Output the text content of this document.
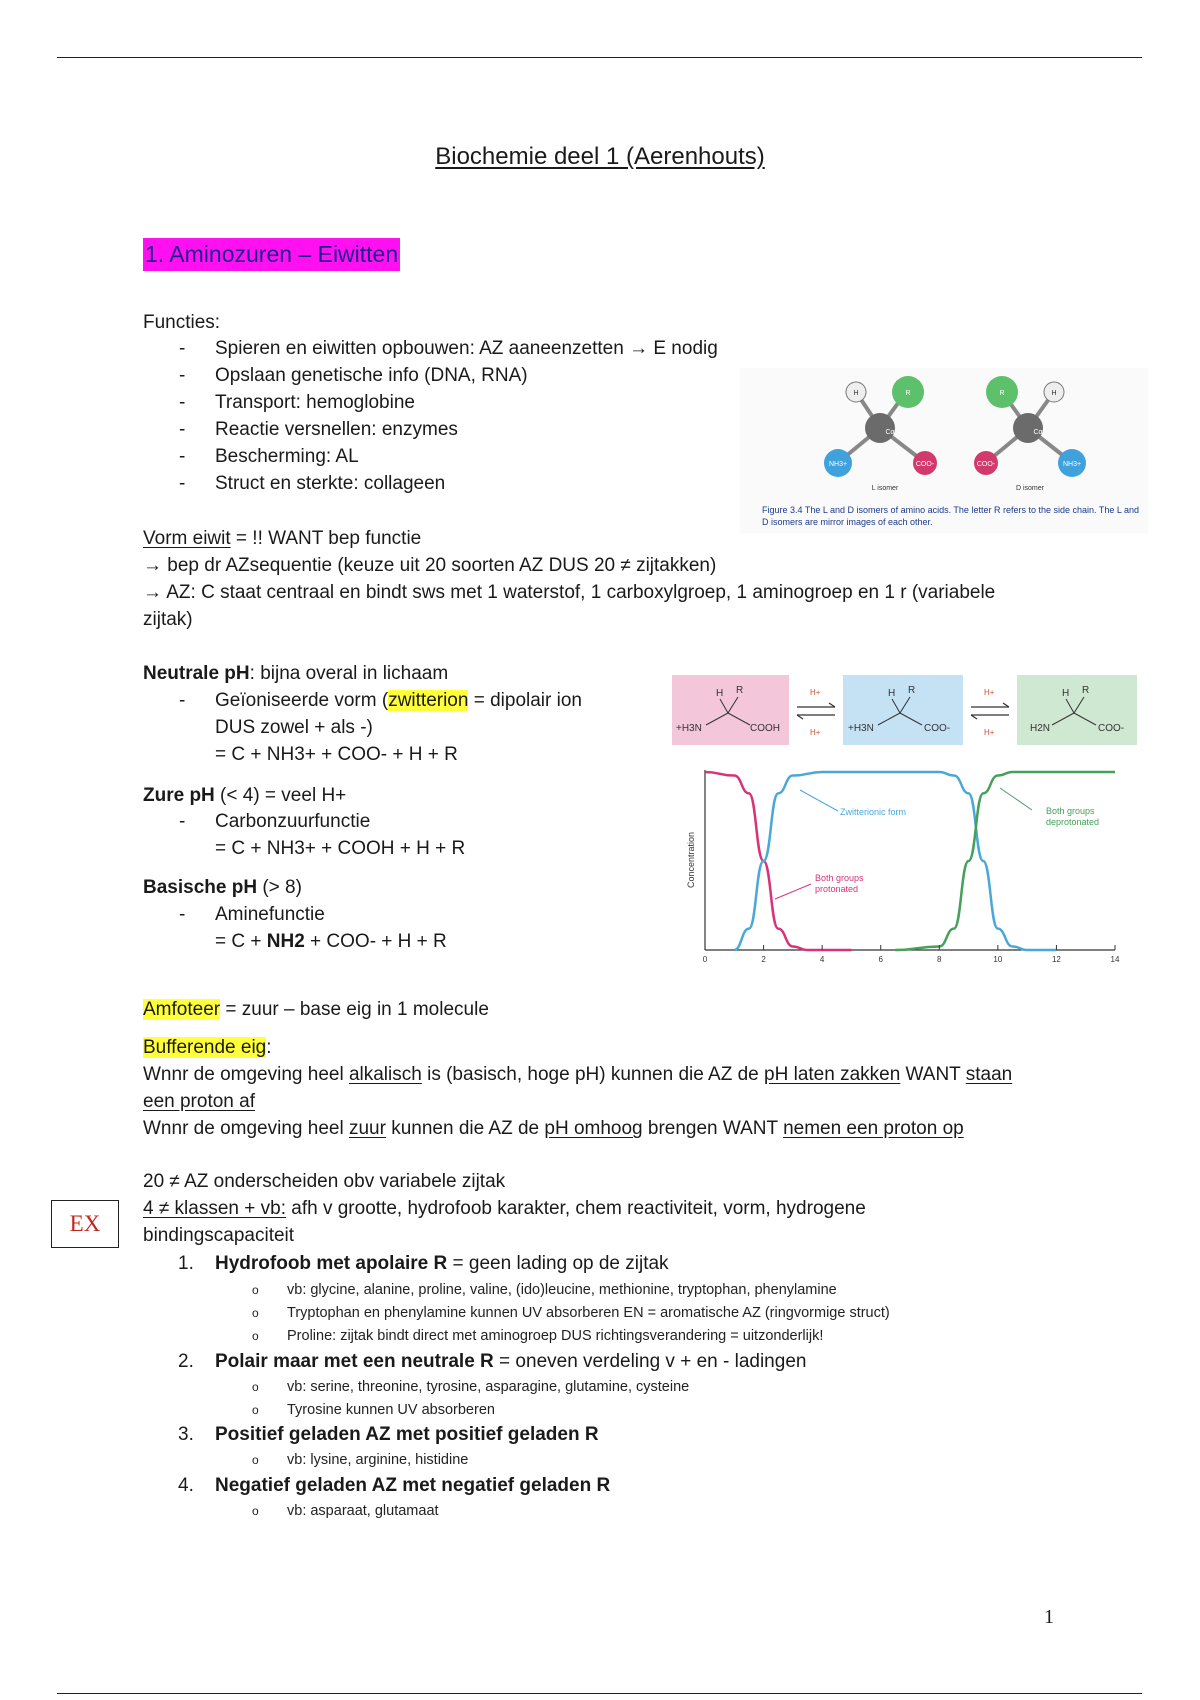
Biochemie deel 1 (Aerenhouts)
1. Aminozuren – Eiwitten
Functies:
- Spieren en eiwitten opbouwen: AZ aaneenzetten → E nodig
- Opslaan genetische info (DNA, RNA)
- Transport: hemoglobine
- Reactie versnellen: enzymes
- Bescherming: AL
- Struct en sterkte: collageen
H	R
NH3+	COO-
Cα
H
R
NH3+
COO-
Cα
L isomer	D isomer
Figure 3.4 The L and D isomers of amino acids. The letter R refers to the side chain. The L and
D isomers are mirror images of each other.
Vorm eiwit = !! WANT bep functie
→ bep dr AZsequentie (keuze uit 20 soorten AZ DUS 20 ≠ zijtakken)
→ AZ: C staat centraal en bindt sws met 1 waterstof, 1 carboxylgroep, 1 aminogroep en 1 r (variabele
zijtak)
Neutrale pH: bijna overal in lichaam
- Geïoniseerde vorm (zwitterion = dipolair ion
DUS zowel + als -)
= C + NH3+ + COO- + H + R
Zure pH (< 4) = veel H+
- Carbonzuurfunctie
= C + NH3+ + COOH + H + R
Basische pH (> 8)
- Aminefunctie
= C + NH2 + COO- + H + R
H R	H R	H R
+H3N	COOH	+H3N	COO-	H2N	COO-
H+
H+
H+
H+
Concentration
0	2	4	6	8	10	12	14
Zwitterionic form	Both groups
deprotonated
Both groups
protonated
Amfoteer = zuur – base eig in 1 molecule
Bufferende eig:
Wnnr de omgeving heel alkalisch is (basisch, hoge pH) kunnen die AZ de pH laten zakken WANT staan
een proton af
Wnnr de omgeving heel zuur kunnen die AZ de pH omhoog brengen WANT nemen een proton op
20 ≠ AZ onderscheiden obv variabele zijtak
4 ≠ klassen + vb: afh v grootte, hydrofoob karakter, chem reactiviteit, vorm, hydrogene
bindingscapaciteit
EX
1. Hydrofoob met apolaire R = geen lading op de zijtak
o vb: glycine, alanine, proline, valine, (ido)leucine, methionine, tryptophan, phenylamine
o Tryptophan en phenylamine kunnen UV absorberen EN = aromatische AZ (ringvormige struct)
o Proline: zijtak bindt direct met aminogroep DUS richtingsverandering = uitzonderlijk!
2. Polair maar met een neutrale R = oneven verdeling v + en - ladingen
o vb: serine, threonine, tyrosine, asparagine, glutamine, cysteine
o Tyrosine kunnen UV absorberen
3. Positief geladen AZ met positief geladen R
o vb: lysine, arginine, histidine
4. Negatief geladen AZ met negatief geladen R
o vb: asparaat, glutamaat
1
